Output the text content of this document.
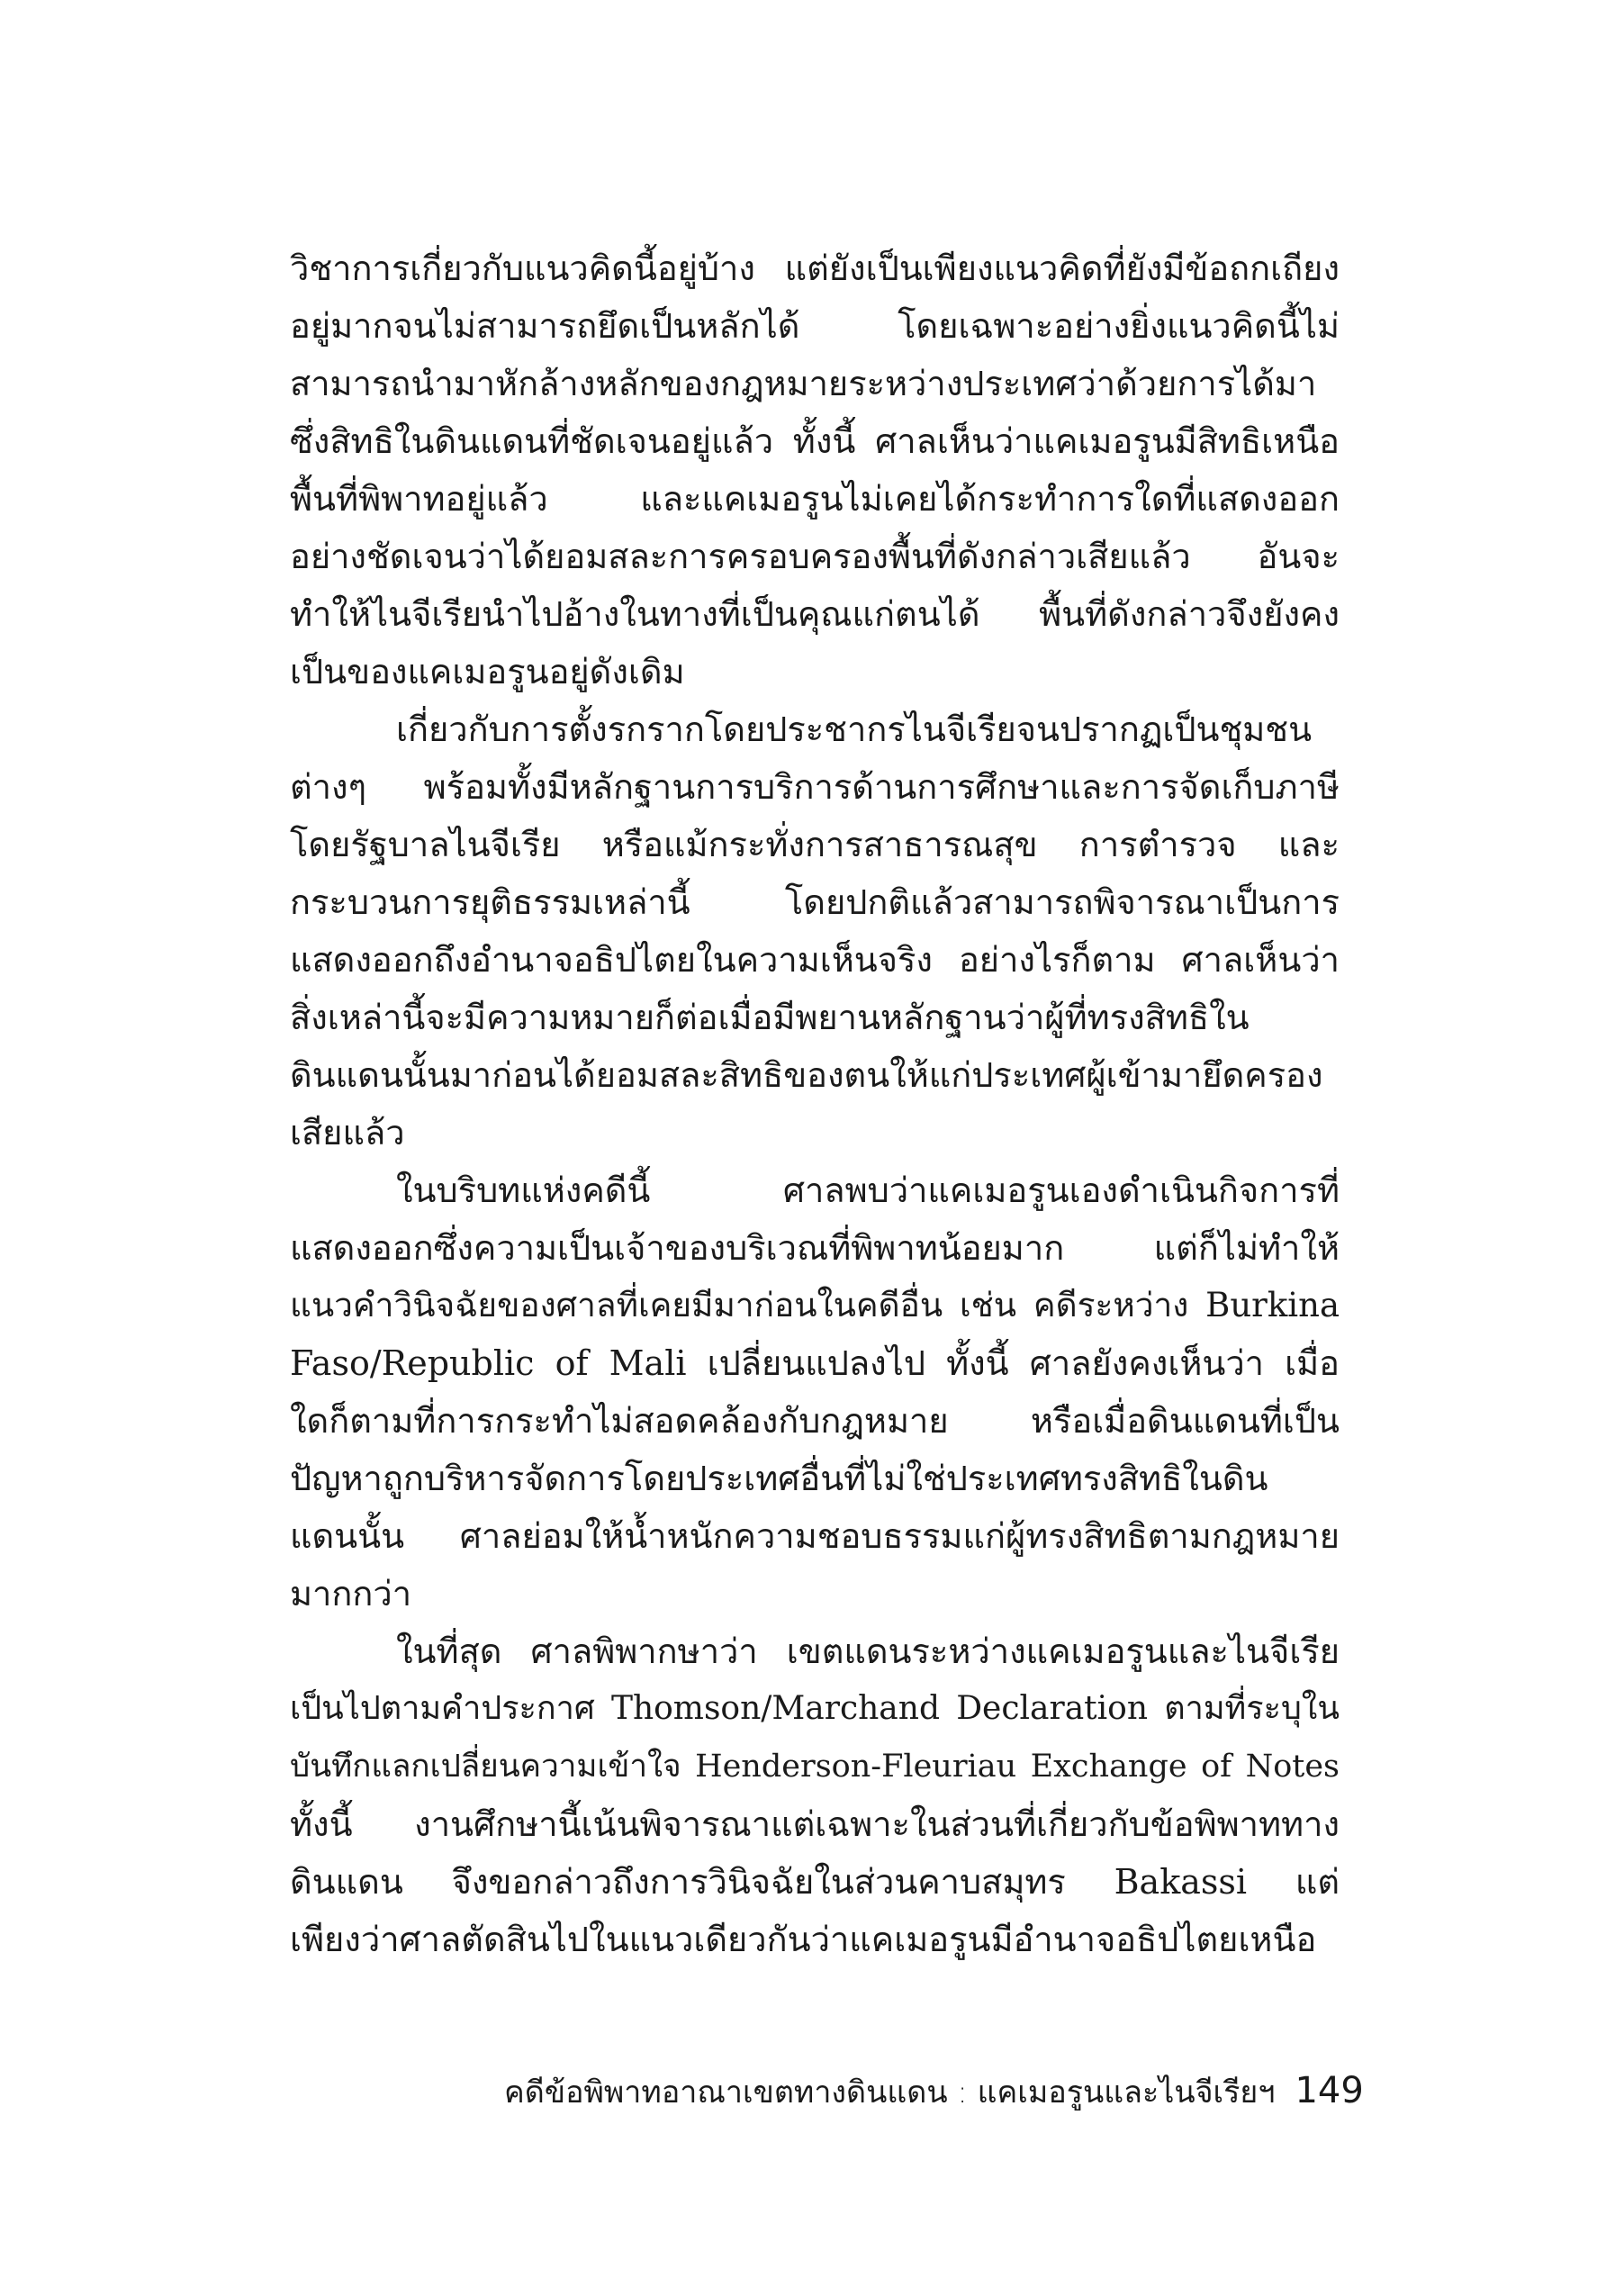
วิชาการเกี่ยวกับแนวคิดนี้อยู่บ้าง แต่ยังเป็นเพียงแนวคิดที่ยังมีข้อถกเถียง
อยู่มากจนไม่สามารถยึดเป็นหลักได้ โดยเฉพาะอย่างยิ่งแนวคิดนี้ไม่
สามารถนำมาหักล้างหลักของกฎหมายระหว่างประเทศว่าด้วยการได้มา
ซึ่งสิทธิในดินแดนที่ชัดเจนอยู่แล้ว ทั้งนี้ ศาลเห็นว่าแคเมอรูนมีสิทธิเหนือ
พื้นที่พิพาทอยู่แล้ว และแคเมอรูนไม่เคยได้กระทำการใดที่แสดงออก
อย่างชัดเจนว่าได้ยอมสละการครอบครองพื้นที่ดังกล่าวเสียแล้ว อันจะ
ทำให้ไนจีเรียนำไปอ้างในทางที่เป็นคุณแก่ตนได้ พื้นที่ดังกล่าวจึงยังคง
เป็นของแคเมอรูนอยู่ดังเดิม
เกี่ยวกับการตั้งรกรากโดยประชากรไนจีเรียจนปรากฏเป็นชุมชน
ต่างๆ พร้อมทั้งมีหลักฐานการบริการด้านการศึกษาและการจัดเก็บภาษี
โดยรัฐบาลไนจีเรีย หรือแม้กระทั่งการสาธารณสุข การตำรวจ และ
กระบวนการยุติธรรมเหล่านี้ โดยปกติแล้วสามารถพิจารณาเป็นการ
แสดงออกถึงอำนาจอธิปไตยในความเห็นจริง อย่างไรก็ตาม ศาลเห็นว่า
สิ่งเหล่านี้จะมีความหมายก็ต่อเมื่อมีพยานหลักฐานว่าผู้ที่ทรงสิทธิใน
ดินแดนนั้นมาก่อนได้ยอมสละสิทธิของตนให้แก่ประเทศผู้เข้ามายึดครอง
เสียแล้ว
ในบริบทแห่งคดีนี้ ศาลพบว่าแคเมอรูนเองดำเนินกิจการที่
แสดงออกซึ่งความเป็นเจ้าของบริเวณที่พิพาทน้อยมาก แต่ก็ไม่ทำให้
แนวคำวินิจฉัยของศาลที่เคยมีมาก่อนในคดีอื่น เช่น คดีระหว่าง Burkina
Faso/Republic of Mali เปลี่ยนแปลงไป ทั้งนี้ ศาลยังคงเห็นว่า เมื่อ
ใดก็ตามที่การกระทำไม่สอดคล้องกับกฎหมาย หรือเมื่อดินแดนที่เป็น
ปัญหาถูกบริหารจัดการโดยประเทศอื่นที่ไม่ใช่ประเทศทรงสิทธิในดิน
แดนนั้น ศาลย่อมให้น้ำหนักความชอบธรรมแก่ผู้ทรงสิทธิตามกฎหมาย
มากกว่า
ในที่สุด ศาลพิพากษาว่า เขตแดนระหว่างแคเมอรูนและไนจีเรีย
เป็นไปตามคำประกาศ Thomson/Marchand Declaration ตามที่ระบุใน
บันทึกแลกเปลี่ยนความเข้าใจ Henderson-Fleuriau Exchange of Notes
ทั้งนี้ งานศึกษานี้เน้นพิจารณาแต่เฉพาะในส่วนที่เกี่ยวกับข้อพิพาททาง
ดินแดน จึงขอกล่าวถึงการวินิจฉัยในส่วนคาบสมุทร Bakassi แต่
เพียงว่าศาลตัดสินไปในแนวเดียวกันว่าแคเมอรูนมีอำนาจอธิปไตยเหนือ
คดีข้อพิพาทอาณาเขตทางดินแดน : แคเมอรูนและไนจีเรียฯ 149
